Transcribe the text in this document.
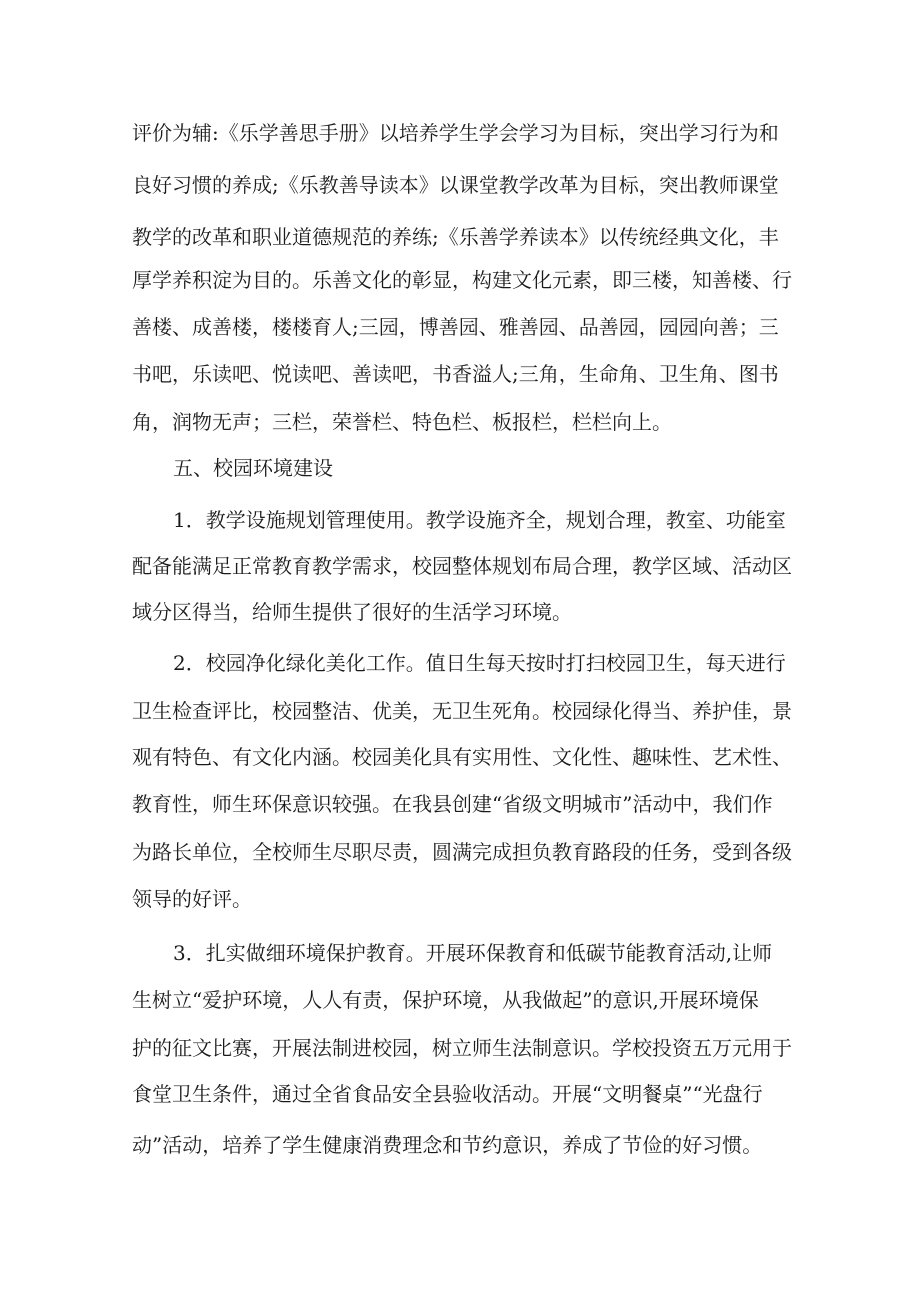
评价为辅:《乐学善思手册》以培养学生学会学习为目标，突出学习行为和
良好习惯的养成;《乐教善导读本》以课堂教学改革为目标，突出教师课堂
教学的改革和职业道德规范的养练;《乐善学养读本》以传统经典文化，丰
厚学养积淀为目的。乐善文化的彰显，构建文化元素，即三楼，知善楼、行
善楼、成善楼，楼楼育人;三园，博善园、雅善园、品善园，园园向善；三
书吧，乐读吧、悦读吧、善读吧，书香溢人;三角，生命角、卫生角、图书
角，润物无声；三栏，荣誉栏、特色栏、板报栏，栏栏向上。
五、校园环境建设
1．教学设施规划管理使用。教学设施齐全，规划合理，教室、功能室
配备能满足正常教育教学需求，校园整体规划布局合理，教学区域、活动区
域分区得当，给师生提供了很好的生活学习环境。
2．校园净化绿化美化工作。值日生每天按时打扫校园卫生，每天进行
卫生检查评比，校园整洁、优美，无卫生死角。校园绿化得当、养护佳，景
观有特色、有文化内涵。校园美化具有实用性、文化性、趣味性、艺术性、
教育性，师生环保意识较强。在我县创建“省级文明城市”活动中，我们作
为路长单位，全校师生尽职尽责，圆满完成担负教育路段的任务，受到各级
领导的好评。
3．扎实做细环境保护教育。开展环保教育和低碳节能教育活动,让师
生树立“爱护环境，人人有责，保护环境，从我做起”的意识,开展环境保
护的征文比赛，开展法制进校园，树立师生法制意识。学校投资五万元用于
食堂卫生条件，通过全省食品安全县验收活动。开展“文明餐桌”“光盘行
动”活动，培养了学生健康消费理念和节约意识，养成了节俭的好习惯。
